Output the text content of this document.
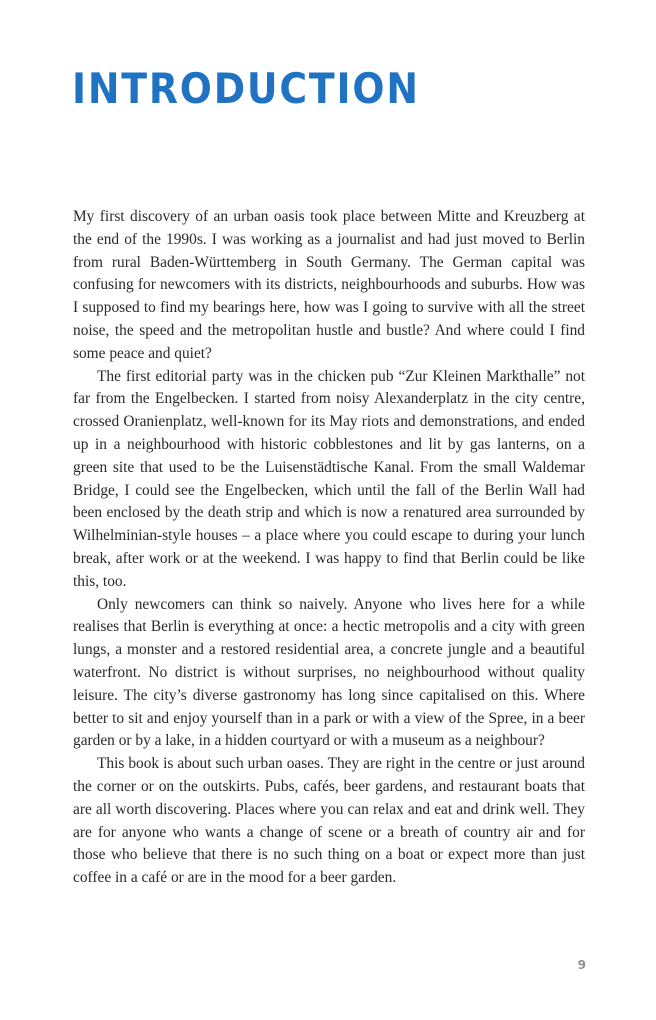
INTRODUCTION

My first discovery of an urban oasis took place between Mitte and Kreuzberg at the end of the 1990s. I was working as a journalist and had just moved to Berlin from rural Baden-Württemberg in South Germany. The German capital was confusing for newcomers with its districts, neighbourhoods and suburbs. How was I supposed to find my bearings here, how was I going to survive with all the street noise, the speed and the metropolitan hustle and bustle? And where could I find some peace and quiet?

The first editorial party was in the chicken pub “Zur Kleinen Markthalle” not far from the Engelbecken. I started from noisy Alexanderplatz in the city centre, crossed Oranienplatz, well-known for its May riots and demonstrations, and ended up in a neighbourhood with historic cobblestones and lit by gas lanterns, on a green site that used to be the Luisenstädtische Kanal. From the small Waldemar Bridge, I could see the Engelbecken, which until the fall of the Berlin Wall had been enclosed by the death strip and which is now a renatured area surrounded by Wilhelminian-style houses – a place where you could escape to during your lunch break, after work or at the weekend. I was happy to find that Berlin could be like this, too.

Only newcomers can think so naively. Anyone who lives here for a while realises that Berlin is everything at once: a hectic metropolis and a city with green lungs, a monster and a restored residential area, a concrete jungle and a beautiful waterfront. No district is without surprises, no neighbourhood without quality leisure. The city’s diverse gastronomy has long since capitalised on this. Where better to sit and enjoy yourself than in a park or with a view of the Spree, in a beer garden or by a lake, in a hidden courtyard or with a museum as a neighbour?

This book is about such urban oases. They are right in the centre or just around the corner or on the outskirts. Pubs, cafés, beer gardens, and restaurant boats that are all worth discovering. Places where you can relax and eat and drink well. They are for anyone who wants a change of scene or a breath of country air and for those who believe that there is no such thing on a boat or expect more than just coffee in a café or are in the mood for a beer garden.

9
